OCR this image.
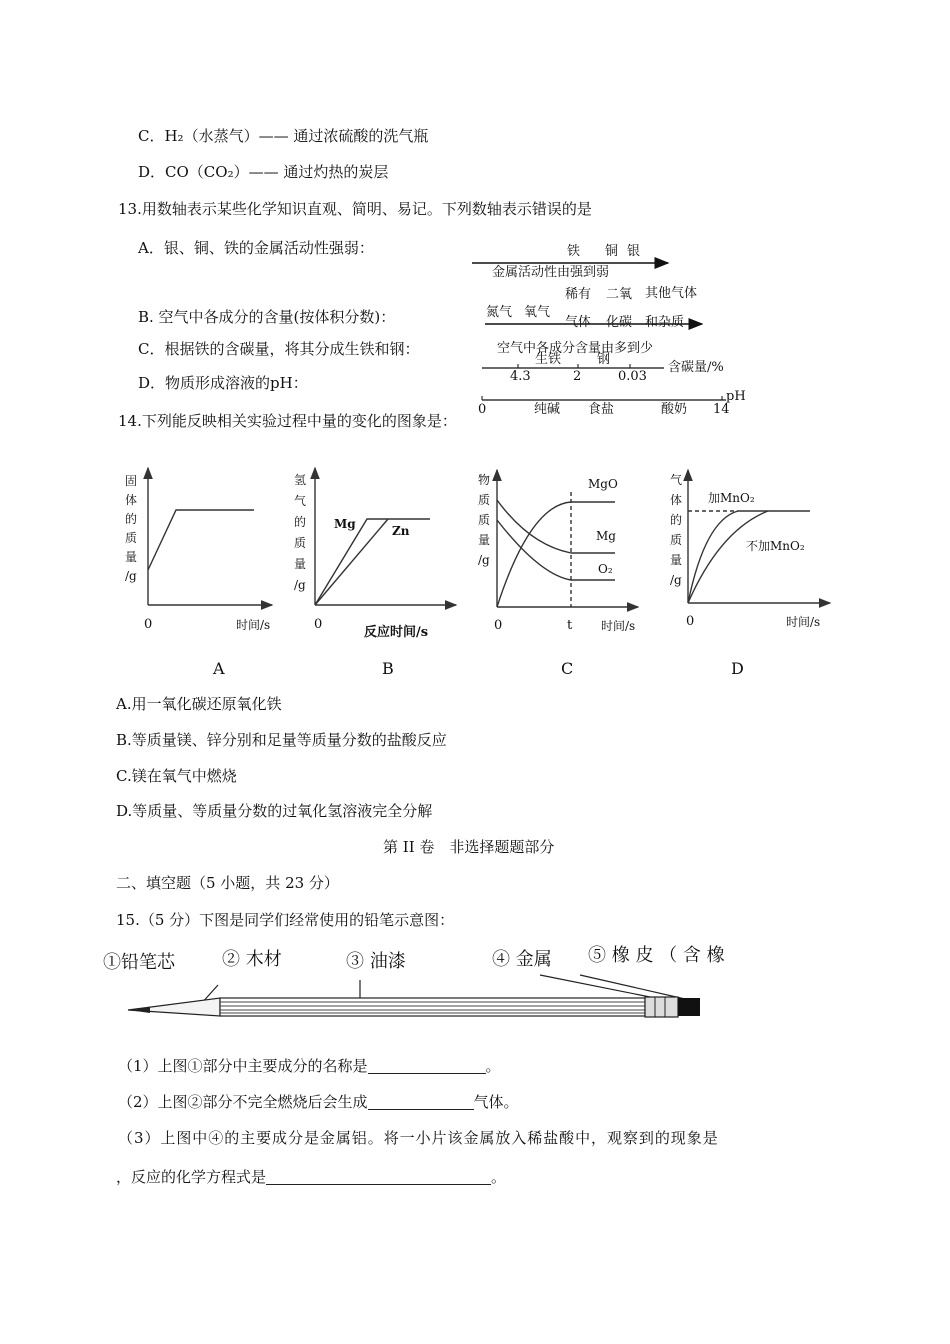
C．H₂（水蒸气）—— 通过浓硫酸的洗气瓶
D．CO（CO₂）—— 通过灼热的炭层
13.用数轴表示某些化学知识直观、简明、易记。下列数轴表示错误的是
A．银、铜、铁的金属活动性强弱：
B. 空气中各成分的含量(按体积分数)：
C．根据铁的含碳量，将其分成生铁和钢：
D．物质形成溶液的pH：
铁 铜 银
金属活动性由强到弱
稀有 二氧 其他气体
氮气 氧气
气体 化碳 和杂质
空气中各成分含量由多到少
生铁	钢
4.3	2	0.03
含碳量/%
pH
0	14
纯碱 食盐	酸奶
14.下列能反映相关实验过程中量的变化的图象是：
固
体
的
质
量
/g
0	时间/s
A
氢
气
的
质
量
/g
Mg	Zn
0
反应时间/s
B
物
质
质
量
/g
MgO
Mg
O₂
0	t 时间/s
C
气
体
的
质
量
/g
加MnO₂
不加MnO₂
0	时间/s
D
A.用一氧化碳还原氧化铁
B.等质量镁、锌分别和足量等质量分数的盐酸反应
C.镁在氧气中燃烧
D.等质量、等质量分数的过氧化氢溶液完全分解
第 II 卷　非选择题题部分
二、填空题（5 小题，共 23 分）
15.（5 分）下图是同学们经常使用的铅笔示意图：
①铅笔芯	② 木材	③ 油漆	④ 金属 ⑤ 橡 皮 （ 含 橡
（1）上图①部分中主要成分的名称是	。
（2）上图②部分不完全燃烧后会生成	气体。
（3）上图中④的主要成分是金属铝。将一小片该金属放入稀盐酸中，观察到的现象是
，反应的化学方程式是	。
